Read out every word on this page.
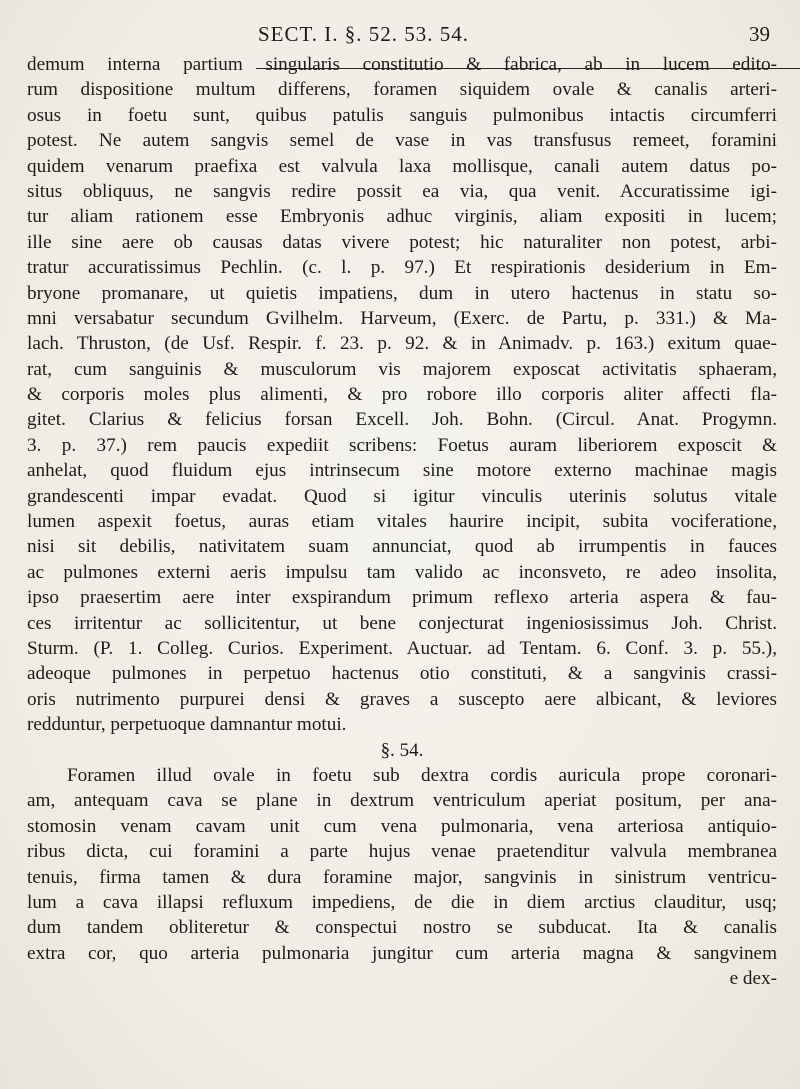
SECT. I. §. 52. 53. 54.	39
demum interna partium singularis constitutio & fabrica, ab in lucem edito-
rum dispositione multum differens, foramen siquidem ovale & canalis arteri-
osus in foetu sunt, quibus patulis sanguis pulmonibus intactis circumferri
potest. Ne autem sangvis semel de vase in vas transfusus remeet, foramini
quidem venarum praefixa est valvula laxa mollisque, canali autem datus po-
situs obliquus, ne sangvis redire possit ea via, qua venit. Accuratissime igi-
tur aliam rationem esse Embryonis adhuc virginis, aliam expositi in lucem;
ille sine aere ob causas datas vivere potest; hic naturaliter non potest, arbi-
tratur accuratissimus Pechlin. (c. l. p. 97.) Et respirationis desiderium in Em-
bryone promanare, ut quietis impatiens, dum in utero hactenus in statu so-
mni versabatur secundum Gvilhelm. Harveum, (Exerc. de Partu, p. 331.) & Ma-
lach. Thruston, (de Usf. Respir. f. 23. p. 92. & in Animadv. p. 163.) exitum quae-
rat, cum sanguinis & musculorum vis majorem exposcat activitatis sphaeram,
& corporis moles plus alimenti, & pro robore illo corporis aliter affecti fla-
gitet. Clarius & felicius forsan Excell. Joh. Bohn. (Circul. Anat. Progymn.
3. p. 37.) rem paucis expediit scribens: Foetus auram liberiorem exposcit &
anhelat, quod fluidum ejus intrinsecum sine motore externo machinae magis
grandescenti impar evadat. Quod si igitur vinculis uterinis solutus vitale
lumen aspexit foetus, auras etiam vitales haurire incipit, subita vociferatione,
nisi sit debilis, nativitatem suam annunciat, quod ab irrumpentis in fauces
ac pulmones externi aeris impulsu tam valido ac inconsveto, re adeo insolita,
ipso praesertim aere inter exspirandum primum reflexo arteria aspera & fau-
ces irritentur ac sollicitentur, ut bene conjecturat ingeniosissimus Joh. Christ.
Sturm. (P. 1. Colleg. Curios. Experiment. Auctuar. ad Tentam. 6. Conf. 3. p. 55.),
adeoque pulmones in perpetuo hactenus otio constituti, & a sangvinis crassi-
oris nutrimento purpurei densi & graves a suscepto aere albicant, & leviores
redduntur, perpetuoque damnantur motui.
§. 54.
Foramen illud ovale in foetu sub dextra cordis auricula prope coronari-
am, antequam cava se plane in dextrum ventriculum aperiat positum, per ana-
stomosin venam cavam unit cum vena pulmonaria, vena arteriosa antiquio-
ribus dicta, cui foramini a parte hujus venae praetenditur valvula membranea
tenuis, firma tamen & dura foramine major, sangvinis in sinistrum ventricu-
lum a cava illapsi refluxum impediens, de die in diem arctius clauditur, usq;
dum tandem obliteretur & conspectui nostro se subducat. Ita & canalis
extra cor, quo arteria pulmonaria jungitur cum arteria magna & sangvinem
e dex-
